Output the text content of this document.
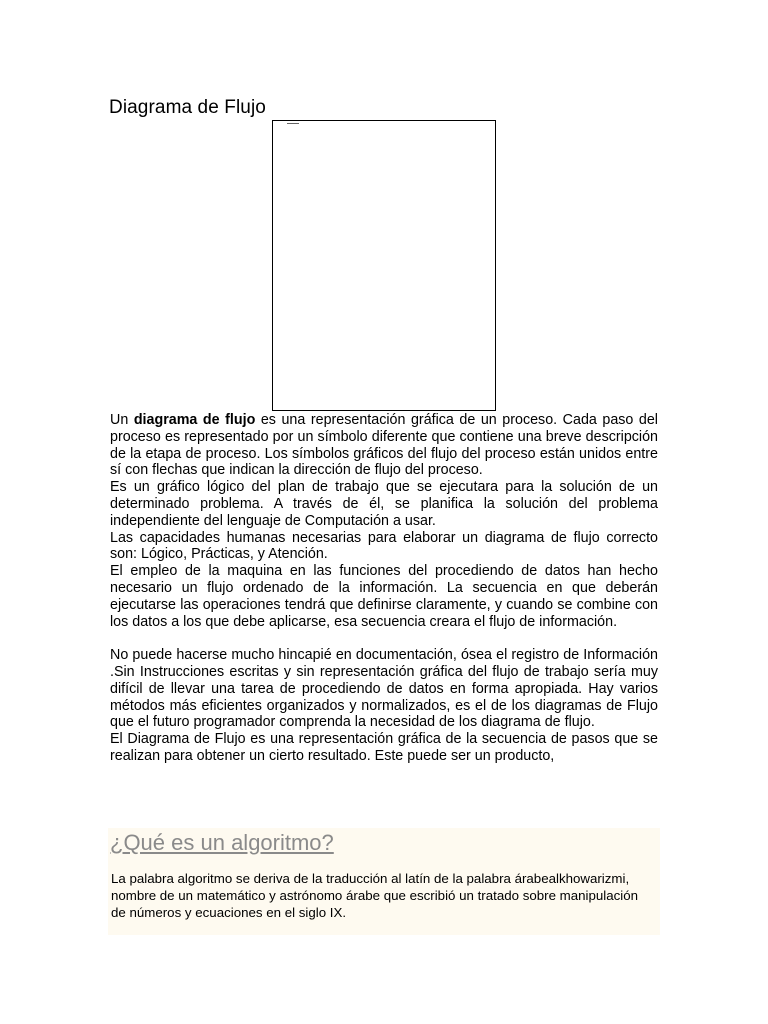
Diagrama de Flujo

Un diagrama de flujo es una representación gráfica de un proceso. Cada paso del proceso es representado por un símbolo diferente que contiene una breve descripción de la etapa de proceso. Los símbolos gráficos del flujo del proceso están unidos entre sí con flechas que indican la dirección de flujo del proceso.

Es un gráfico lógico del plan de trabajo que se ejecutara para la solución de un determinado problema. A través de él, se planifica la solución del problema independiente del lenguaje de Computación a usar.

Las capacidades humanas necesarias para elaborar un diagrama de flujo correcto son: Lógico, Prácticas, y Atención.

El empleo de la maquina en las funciones del procediendo de datos han hecho necesario un flujo ordenado de la información. La secuencia en que deberán ejecutarse las operaciones tendrá que definirse claramente, y cuando se combine con los datos a los que debe aplicarse, esa secuencia creara el flujo de información.

No puede hacerse mucho hincapié en documentación, ósea el registro de Información .Sin Instrucciones escritas y sin representación gráfica del flujo de trabajo sería muy difícil de llevar una tarea de procediendo de datos en forma apropiada. Hay varios métodos más eficientes organizados y normalizados, es el de los diagramas de Flujo que el futuro programador comprenda la necesidad de los diagrama de flujo.

El Diagrama de Flujo es una representación gráfica de la secuencia de pasos que se realizan para obtener un cierto resultado. Este puede ser un producto,

¿Qué es un algoritmo?

La palabra algoritmo se deriva de la traducción al latín de la palabra árabealkhowarizmi, nombre de un matemático y astrónomo árabe que escribió un tratado sobre manipulación de números y ecuaciones en el siglo IX.
